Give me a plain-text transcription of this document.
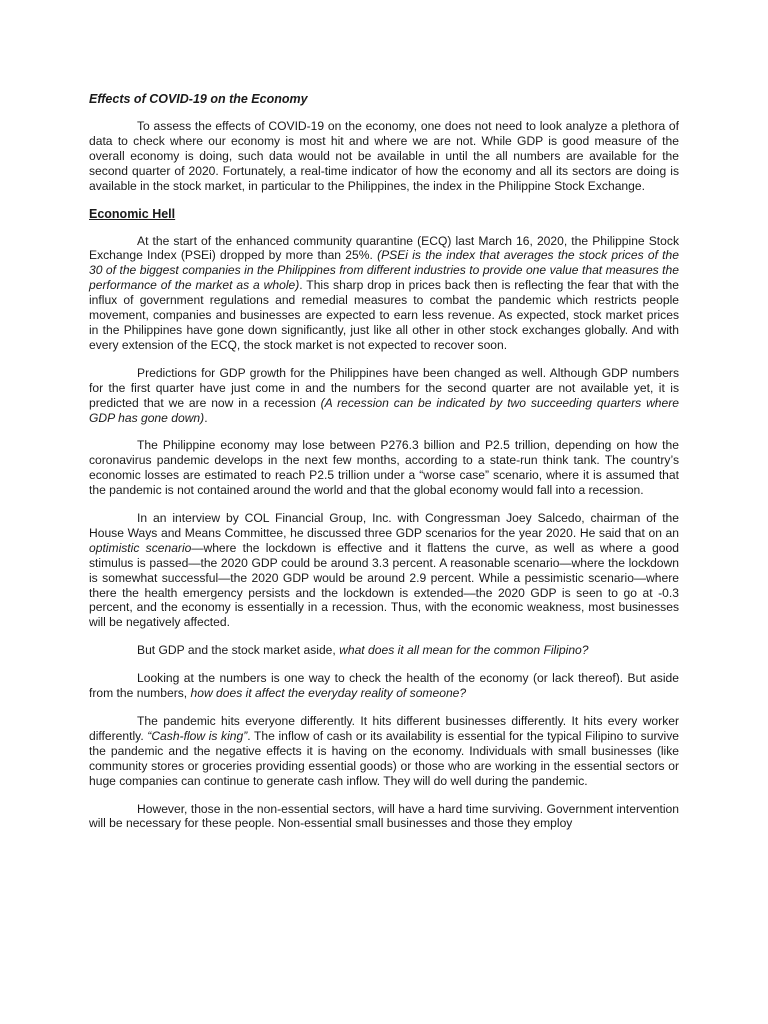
Effects of COVID-19 on the Economy

To assess the effects of COVID-19 on the economy, one does not need to look analyze a plethora of data to check where our economy is most hit and where we are not. While GDP is good measure of the overall economy is doing, such data would not be available in until the all numbers are available for the second quarter of 2020. Fortunately, a real-time indicator of how the economy and all its sectors are doing is available in the stock market, in particular to the Philippines, the index in the Philippine Stock Exchange.

Economic Hell

At the start of the enhanced community quarantine (ECQ) last March 16, 2020, the Philippine Stock Exchange Index (PSEi) dropped by more than 25%. (PSEi is the index that averages the stock prices of the 30 of the biggest companies in the Philippines from different industries to provide one value that measures the performance of the market as a whole). This sharp drop in prices back then is reflecting the fear that with the influx of government regulations and remedial measures to combat the pandemic which restricts people movement, companies and businesses are expected to earn less revenue. As expected, stock market prices in the Philippines have gone down significantly, just like all other in other stock exchanges globally. And with every extension of the ECQ, the stock market is not expected to recover soon.

Predictions for GDP growth for the Philippines have been changed as well. Although GDP numbers for the first quarter have just come in and the numbers for the second quarter are not available yet, it is predicted that we are now in a recession (A recession can be indicated by two succeeding quarters where GDP has gone down).

The Philippine economy may lose between P276.3 billion and P2.5 trillion, depending on how the coronavirus pandemic develops in the next few months, according to a state-run think tank. The country’s economic losses are estimated to reach P2.5 trillion under a “worse case” scenario, where it is assumed that the pandemic is not contained around the world and that the global economy would fall into a recession.

In an interview by COL Financial Group, Inc. with Congressman Joey Salcedo, chairman of the House Ways and Means Committee, he discussed three GDP scenarios for the year 2020. He said that on an optimistic scenario—where the lockdown is effective and it flattens the curve, as well as where a good stimulus is passed—the 2020 GDP could be around 3.3 percent. A reasonable scenario—where the lockdown is somewhat successful—the 2020 GDP would be around 2.9 percent. While a pessimistic scenario—where there the health emergency persists and the lockdown is extended—the 2020 GDP is seen to go at -0.3 percent, and the economy is essentially in a recession. Thus, with the economic weakness, most businesses will be negatively affected.

But GDP and the stock market aside, what does it all mean for the common Filipino?

Looking at the numbers is one way to check the health of the economy (or lack thereof). But aside from the numbers, how does it affect the everyday reality of someone?

The pandemic hits everyone differently. It hits different businesses differently. It hits every worker differently. “Cash-flow is king”. The inflow of cash or its availability is essential for the typical Filipino to survive the pandemic and the negative effects it is having on the economy. Individuals with small businesses (like community stores or groceries providing essential goods) or those who are working in the essential sectors or huge companies can continue to generate cash inflow. They will do well during the pandemic.

However, those in the non-essential sectors, will have a hard time surviving. Government intervention will be necessary for these people. Non-essential small businesses and those they employ
